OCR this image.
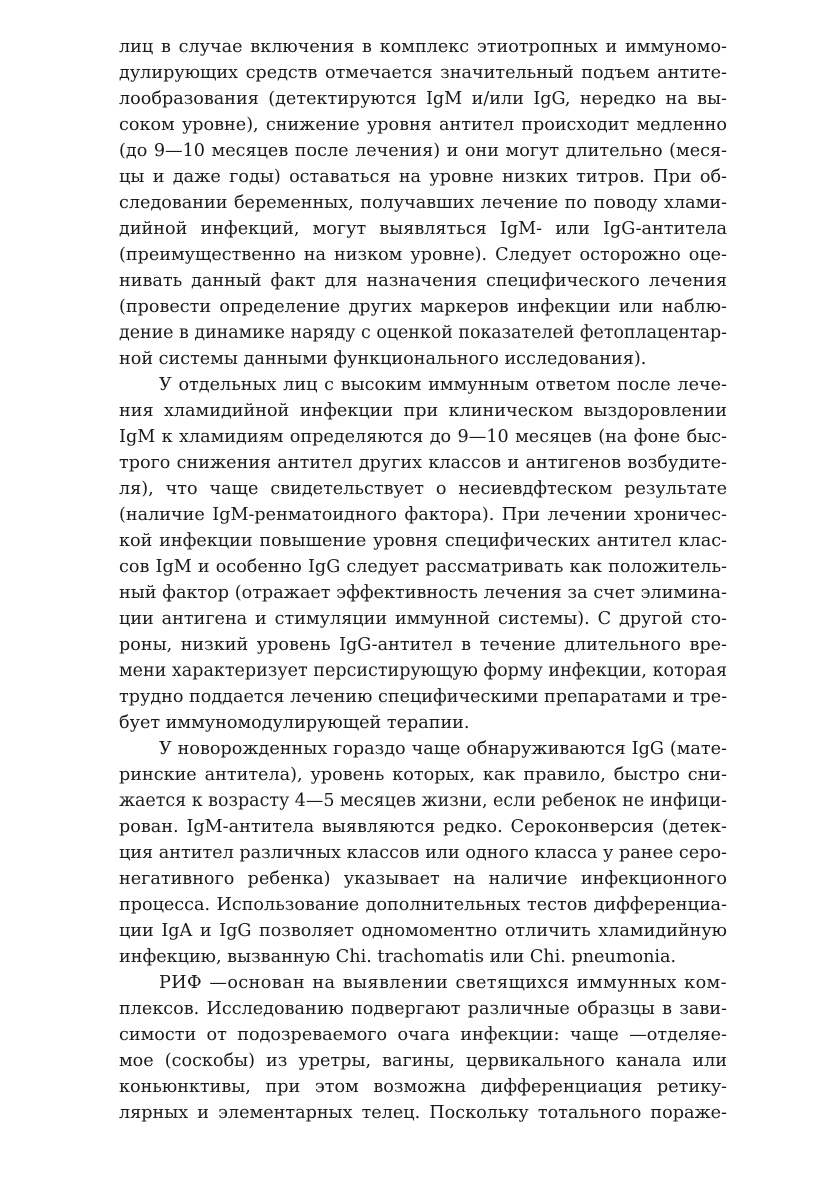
лиц в случае включения в комплекс этиотропных и иммуномо-
дулирующих средств отмечается значительный подъем антите-
лообразования (детектируются IgM и/или IgG, нередко на вы-
соком уровне), снижение уровня антител происходит медленно
(до 9—10 месяцев после лечения) и они могут длительно (меся-
цы и даже годы) оставаться на уровне низких титров. При об-
следовании беременных, получавших лечение по поводу хлами-
дийной инфекций, могут выявляться IgM- или IgG-антитела
(преимущественно на низком уровне). Следует осторожно оце-
нивать данный факт для назначения специфического лечения
(провести определение других маркеров инфекции или наблю-
дение в динамике наряду с оценкой показателей фетоплацентар-
ной системы данными функционального исследования).
У отдельных лиц с высоким иммунным ответом после лече-
ния хламидийной инфекции при клиническом выздоровлении
IgM к хламидиям определяются до 9—10 месяцев (на фоне быс-
трого снижения антител других классов и антигенов возбудите-
ля), что чаще свидетельствует о несиевдфтеском результате
(наличие IgM-ренматоидного фактора). При лечении хроничес-
кой инфекции повышение уровня специфических антител клас-
сов IgM и особенно IgG следует рассматривать как положитель-
ный фактор (отражает эффективность лечения за счет элимина-
ции антигена и стимуляции иммунной системы). С другой сто-
роны, низкий уровень IgG-антител в течение длительного вре-
мени характеризует персистирующую форму инфекции, которая
трудно поддается лечению специфическими препаратами и тре-
бует иммуномодулирующей терапии.
У новорожденных гораздо чаще обнаруживаются IgG (мате-
ринские антитела), уровень которых, как правило, быстро сни-
жается к возрасту 4—5 месяцев жизни, если ребенок не инфици-
рован. IgM-антитела выявляются редко. Сероконверсия (детек-
ция антител различных классов или одного класса у ранее серо-
негативного ребенка) указывает на наличие инфекционного
процесса. Использование дополнительных тестов дифференциа-
ции IgA и IgG позволяет одномоментно отличить хламидийную
инфекцию, вызванную Chi. trachomatis или Chi. pneumonia.
РИФ —основан на выявлении светящихся иммунных ком-
плексов. Исследованию подвергают различные образцы в зави-
симости от подозреваемого очага инфекции: чаще —отделяе-
мое (соскобы) из уретры, вагины, цервикального канала или
коньюнктивы, при этом возможна дифференциация ретикy-
лярных и элементарных телец. Поскольку тотального пораже-
